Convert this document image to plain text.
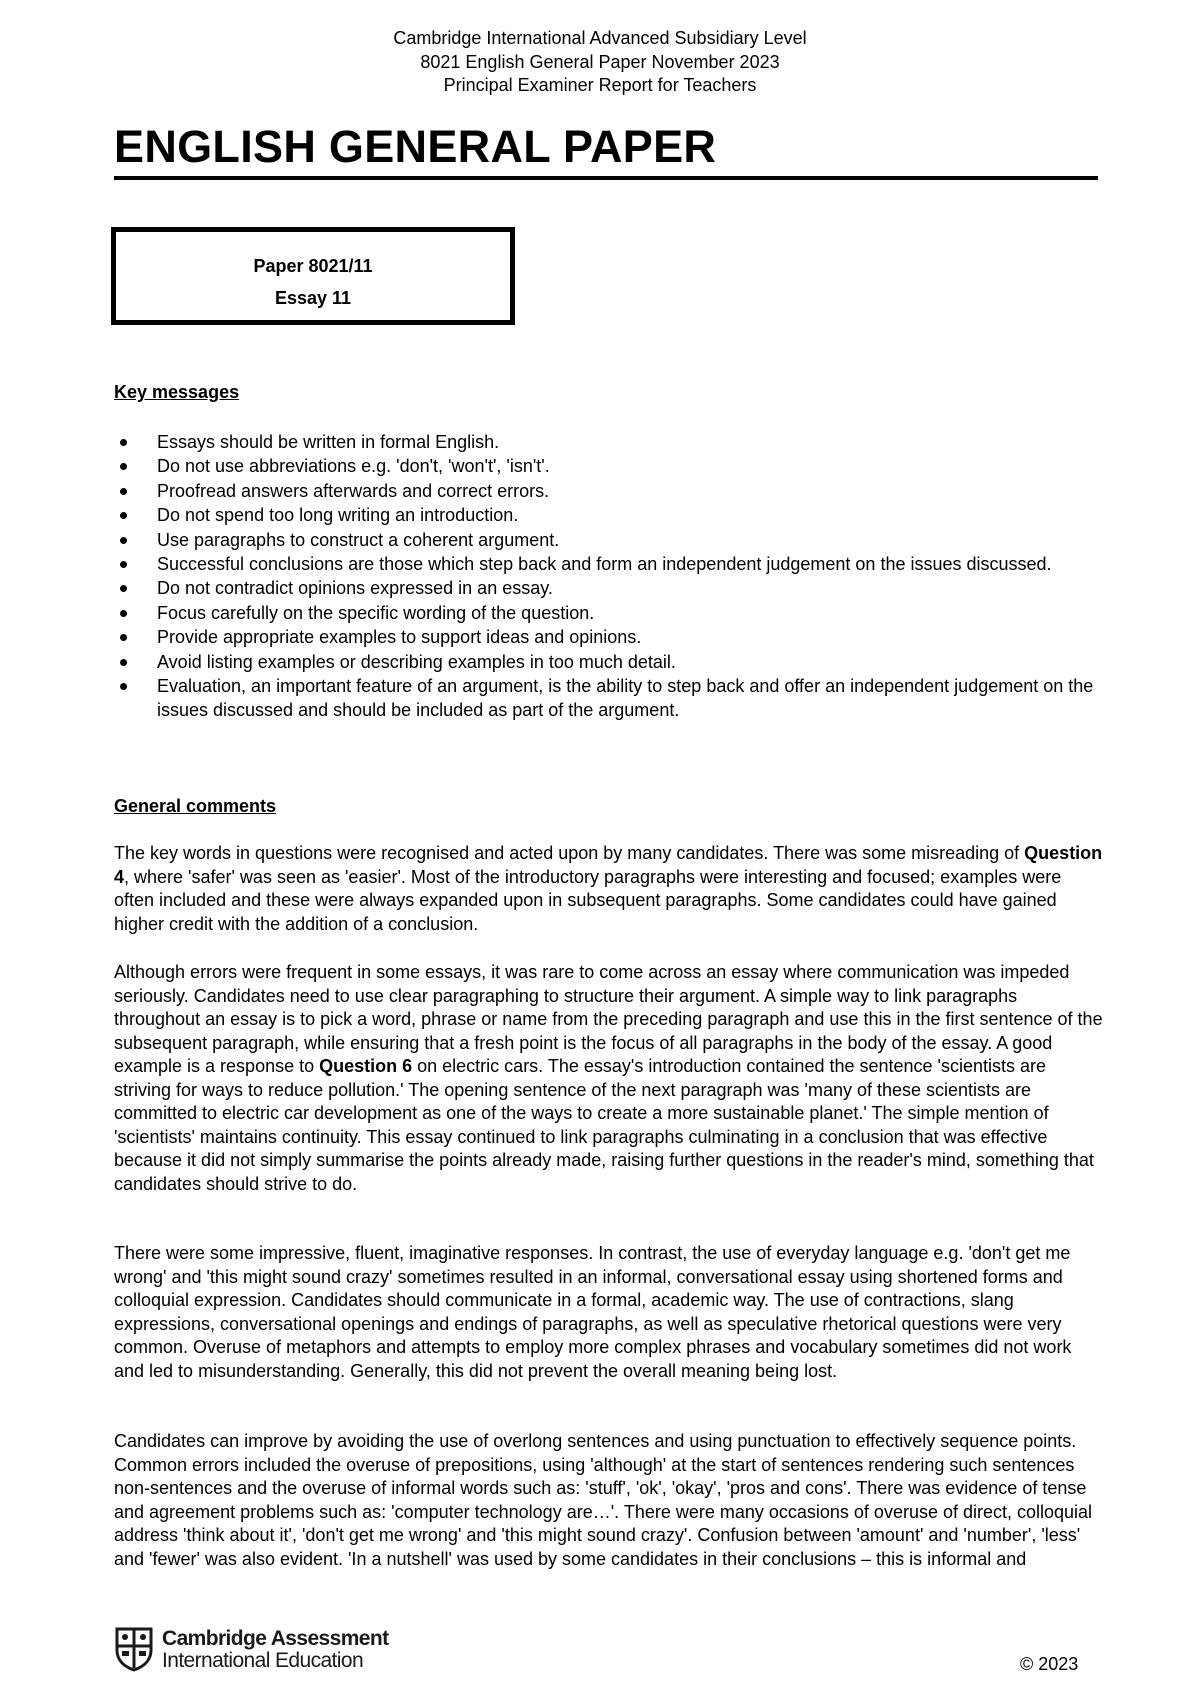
Cambridge International Advanced Subsidiary Level
8021 English General Paper November 2023
Principal Examiner Report for Teachers
ENGLISH GENERAL PAPER
Paper 8021/11
Essay 11
Key messages
Essays should be written in formal English.
Do not use abbreviations e.g. 'don't, 'won't', 'isn't'.
Proofread answers afterwards and correct errors.
Do not spend too long writing an introduction.
Use paragraphs to construct a coherent argument.
Successful conclusions are those which step back and form an independent judgement on the issues discussed.
Do not contradict opinions expressed in an essay.
Focus carefully on the specific wording of the question.
Provide appropriate examples to support ideas and opinions.
Avoid listing examples or describing examples in too much detail.
Evaluation, an important feature of an argument, is the ability to step back and offer an independent judgement on the issues discussed and should be included as part of the argument.
General comments

The key words in questions were recognised and acted upon by many candidates. There was some misreading of Question 4, where 'safer' was seen as 'easier'. Most of the introductory paragraphs were interesting and focused; examples were often included and these were always expanded upon in subsequent paragraphs. Some candidates could have gained higher credit with the addition of a conclusion.

Although errors were frequent in some essays, it was rare to come across an essay where communication was impeded seriously. Candidates need to use clear paragraphing to structure their argument. A simple way to link paragraphs throughout an essay is to pick a word, phrase or name from the preceding paragraph and use this in the first sentence of the subsequent paragraph, while ensuring that a fresh point is the focus of all paragraphs in the body of the essay. A good example is a response to Question 6 on electric cars. The essay's introduction contained the sentence 'scientists are striving for ways to reduce pollution.' The opening sentence of the next paragraph was 'many of these scientists are committed to electric car development as one of the ways to create a more sustainable planet.' The simple mention of 'scientists' maintains continuity. This essay continued to link paragraphs culminating in a conclusion that was effective because it did not simply summarise the points already made, raising further questions in the reader's mind, something that candidates should strive to do.

There were some impressive, fluent, imaginative responses. In contrast, the use of everyday language e.g. 'don't get me wrong' and 'this might sound crazy' sometimes resulted in an informal, conversational essay using shortened forms and colloquial expression. Candidates should communicate in a formal, academic way. The use of contractions, slang expressions, conversational openings and endings of paragraphs, as well as speculative rhetorical questions were very common. Overuse of metaphors and attempts to employ more complex phrases and vocabulary sometimes did not work and led to misunderstanding. Generally, this did not prevent the overall meaning being lost.

Candidates can improve by avoiding the use of overlong sentences and using punctuation to effectively sequence points. Common errors included the overuse of prepositions, using 'although' at the start of sentences rendering such sentences non-sentences and the overuse of informal words such as: 'stuff', 'ok', 'okay', 'pros and cons'. There was evidence of tense and agreement problems such as: 'computer technology are…'. There were many occasions of overuse of direct, colloquial address 'think about it', 'don't get me wrong' and 'this might sound crazy'. Confusion between 'amount' and 'number', 'less' and 'fewer' was also evident. 'In a nutshell' was used by some candidates in their conclusions – this is informal and

Cambridge Assessment
International Education	© 2023
